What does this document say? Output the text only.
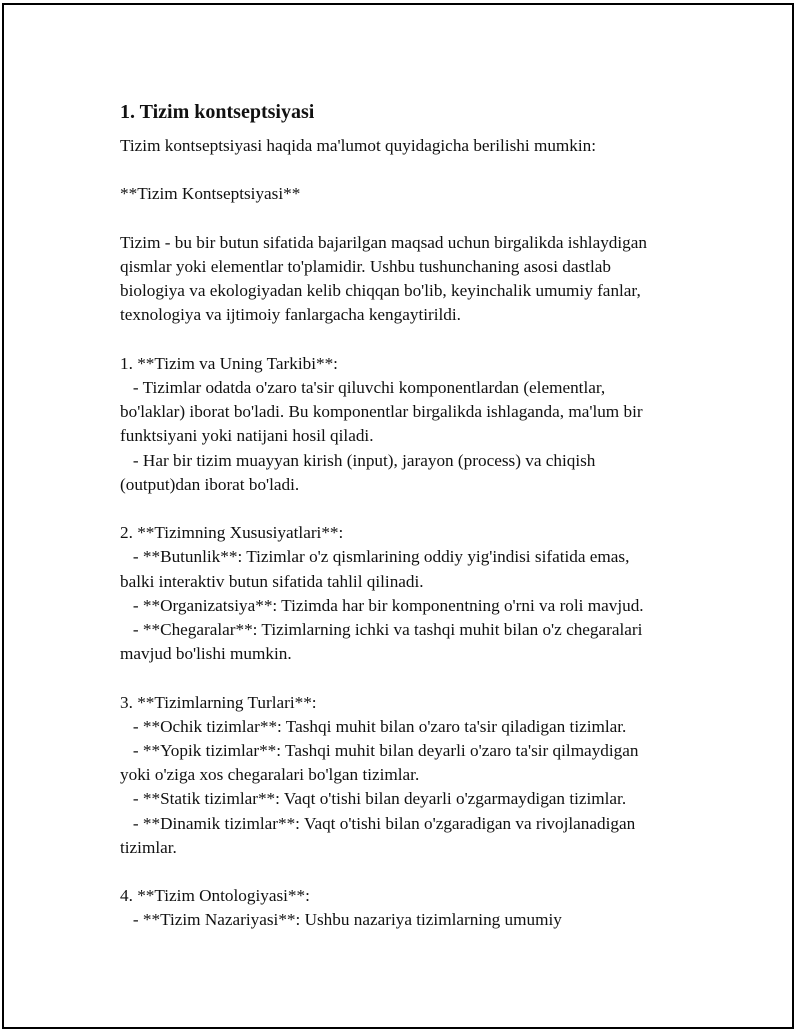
1. Tizim kontseptsiyasi
Tizim kontseptsiyasi haqida ma'lumot quyidagicha berilishi mumkin:
**Tizim Kontseptsiyasi**
Tizim - bu bir butun sifatida bajarilgan maqsad uchun birgalikda ishlaydigan
qismlar yoki elementlar to'plamidir. Ushbu tushunchaning asosi dastlab
biologiya va ekologiyadan kelib chiqqan bo'lib, keyinchalik umumiy fanlar,
texnologiya va ijtimoiy fanlargacha kengaytirildi.
1. **Tizim va Uning Tarkibi**:
- Tizimlar odatda o'zaro ta'sir qiluvchi komponentlardan (elementlar,
bo'laklar) iborat bo'ladi. Bu komponentlar birgalikda ishlaganda, ma'lum bir
funktsiyani yoki natijani hosil qiladi.
- Har bir tizim muayyan kirish (input), jarayon (process) va chiqish
(output)dan iborat bo'ladi.
2. **Tizimning Xususiyatlari**:
- **Butunlik**: Tizimlar o'z qismlarining oddiy yig'indisi sifatida emas,
balki interaktiv butun sifatida tahlil qilinadi.
- **Organizatsiya**: Tizimda har bir komponentning o'rni va roli mavjud.
- **Chegaralar**: Tizimlarning ichki va tashqi muhit bilan o'z chegaralari
mavjud bo'lishi mumkin.
3. **Tizimlarning Turlari**:
- **Ochik tizimlar**: Tashqi muhit bilan o'zaro ta'sir qiladigan tizimlar.
- **Yopik tizimlar**: Tashqi muhit bilan deyarli o'zaro ta'sir qilmaydigan
yoki o'ziga xos chegaralari bo'lgan tizimlar.
- **Statik tizimlar**: Vaqt o'tishi bilan deyarli o'zgarmaydigan tizimlar.
- **Dinamik tizimlar**: Vaqt o'tishi bilan o'zgaradigan va rivojlanadigan
tizimlar.
4. **Tizim Ontologiyasi**:
- **Tizim Nazariyasi**: Ushbu nazariya tizimlarning umumiy
